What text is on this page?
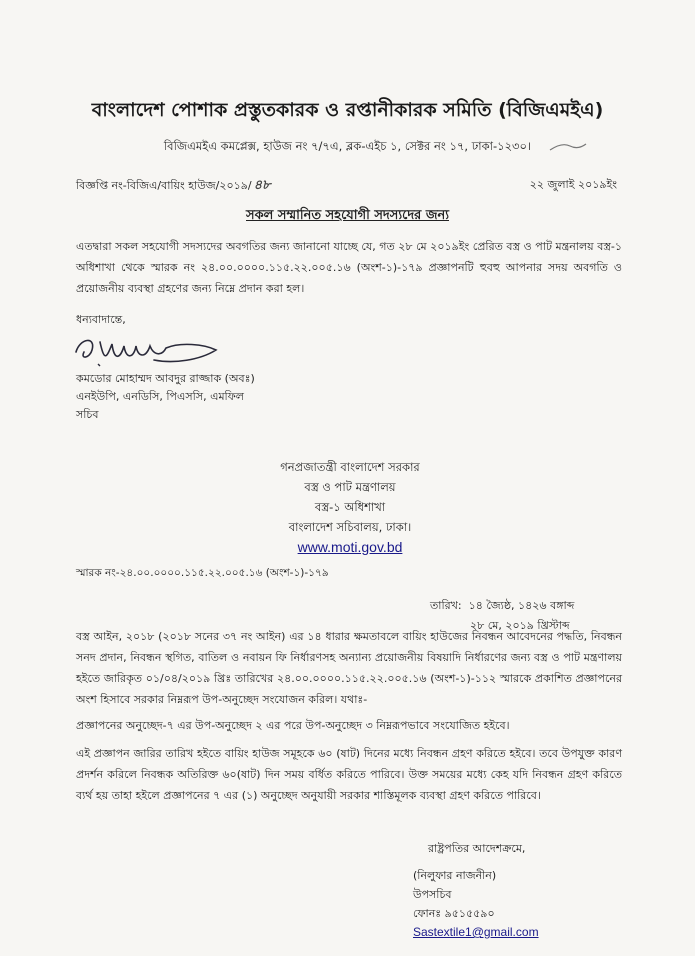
বাংলাদেশ পোশাক প্রস্তুতকারক ও রপ্তানীকারক সমিতি (বিজিএমইএ)
বিজিএমইএ কমপ্লেক্স, হাউজ নং ৭/৭এ, ব্লক-এইচ ১, সেক্টর নং ১৭, ঢাকা-১২৩০।
বিজ্ঞপ্তি নং-বিজিএ/বায়িং হাউজ/২০১৯/ ৪৮	২২ জুলাই ২০১৯ইং
সকল সম্মানিত সহযোগী সদস্যদের জন্য
এতদ্বারা সকল সহযোগী সদস্যদের অবগতির জন্য জানানো যাচ্ছে যে, গত ২৮ মে ২০১৯ইং প্রেরিত বস্ত্র ও পাট মন্ত্রনালয় বস্ত্র-১ অধিশাখা থেকে স্মারক নং ২৪.০০.০০০০.১১৫.২২.০০৫.১৬ (অংশ-১)-১৭৯ প্রজ্ঞাপনটি হুবহু আপনার সদয় অবগতি ও প্রয়োজনীয় ব্যবস্থা গ্রহণের জন্য নিম্নে প্রদান করা হল।
ধন্যবাদান্তে,
কমডোর মোহাম্মদ আবদুর রাজ্জাক (অবঃ)
এনইউপি, এনডিসি, পিএসসি, এমফিল
সচিব
গনপ্রজাতন্ত্রী বাংলাদেশ সরকার
বস্ত্র ও পাট মন্ত্রণালয়
বস্ত্র-১ অধিশাখা
বাংলাদেশ সচিবালয়, ঢাকা।
www.moti.gov.bd
স্মারক নং-২৪.০০.০০০০.১১৫.২২.০০৫.১৬ (অংশ-১)-১৭৯
তারিখ: ১৪ জ্যৈষ্ঠ, ১৪২৬ বঙ্গাব্দ
২৮ মে, ২০১৯ খ্রিস্টাব্দ
বস্ত্র আইন, ২০১৮ (২০১৮ সনের ৩৭ নং আইন) এর ১৪ ধারার ক্ষমতাবলে বায়িং হাউজের নিবন্ধন আবেদনের পদ্ধতি, নিবন্ধন সনদ প্রদান, নিবন্ধন স্থগিত, বাতিল ও নবায়ন ফি নির্ধারণসহ অন্যান্য প্রয়োজনীয় বিষয়াদি নির্ধারণের জন্য বস্ত্র ও পাট মন্ত্রণালয় হইতে জারিকৃত ০১/০৪/২০১৯ খ্রিঃ তারিখের ২৪.০০.০০০০.১১৫.২২.০০৫.১৬ (অংশ-১)-১১২ স্মারকে প্রকাশিত প্রজ্ঞাপনের অংশ হিসাবে সরকার নিম্নরূপ উপ-অনুচ্ছেদ সংযোজন করিল। যথাঃ-
প্রজ্ঞাপনের অনুচ্ছেদ-৭ এর উপ-অনুচ্ছেদ ২ এর পরে উপ-অনুচ্ছেদ ৩ নিম্নরূপভাবে সংযোজিত হইবে।
এই প্রজ্ঞাপন জারির তারিখ হইতে বায়িং হাউজ সমূহকে ৬০ (ষাট) দিনের মধ্যে নিবন্ধন গ্রহণ করিতে হইবে। তবে উপযুক্ত কারণ প্রদর্শন করিলে নিবন্ধক অতিরিক্ত ৬০(ষাট) দিন সময় বর্ধিত করিতে পারিবে। উক্ত সময়ের মধ্যে কেহ যদি নিবন্ধন গ্রহণ করিতে ব্যর্থ হয় তাহা হইলে প্রজ্ঞাপনের ৭ এর (১) অনুচ্ছেদ অনুযায়ী সরকার শাস্তিমূলক ব্যবস্থা গ্রহণ করিতে পারিবে।
রাষ্ট্রপতির আদেশক্রমে,
(নিলুফার নাজনীন)
উপসচিব
ফোনঃ ৯৫১৫৫৯০
Sastextile1@gmail.com
